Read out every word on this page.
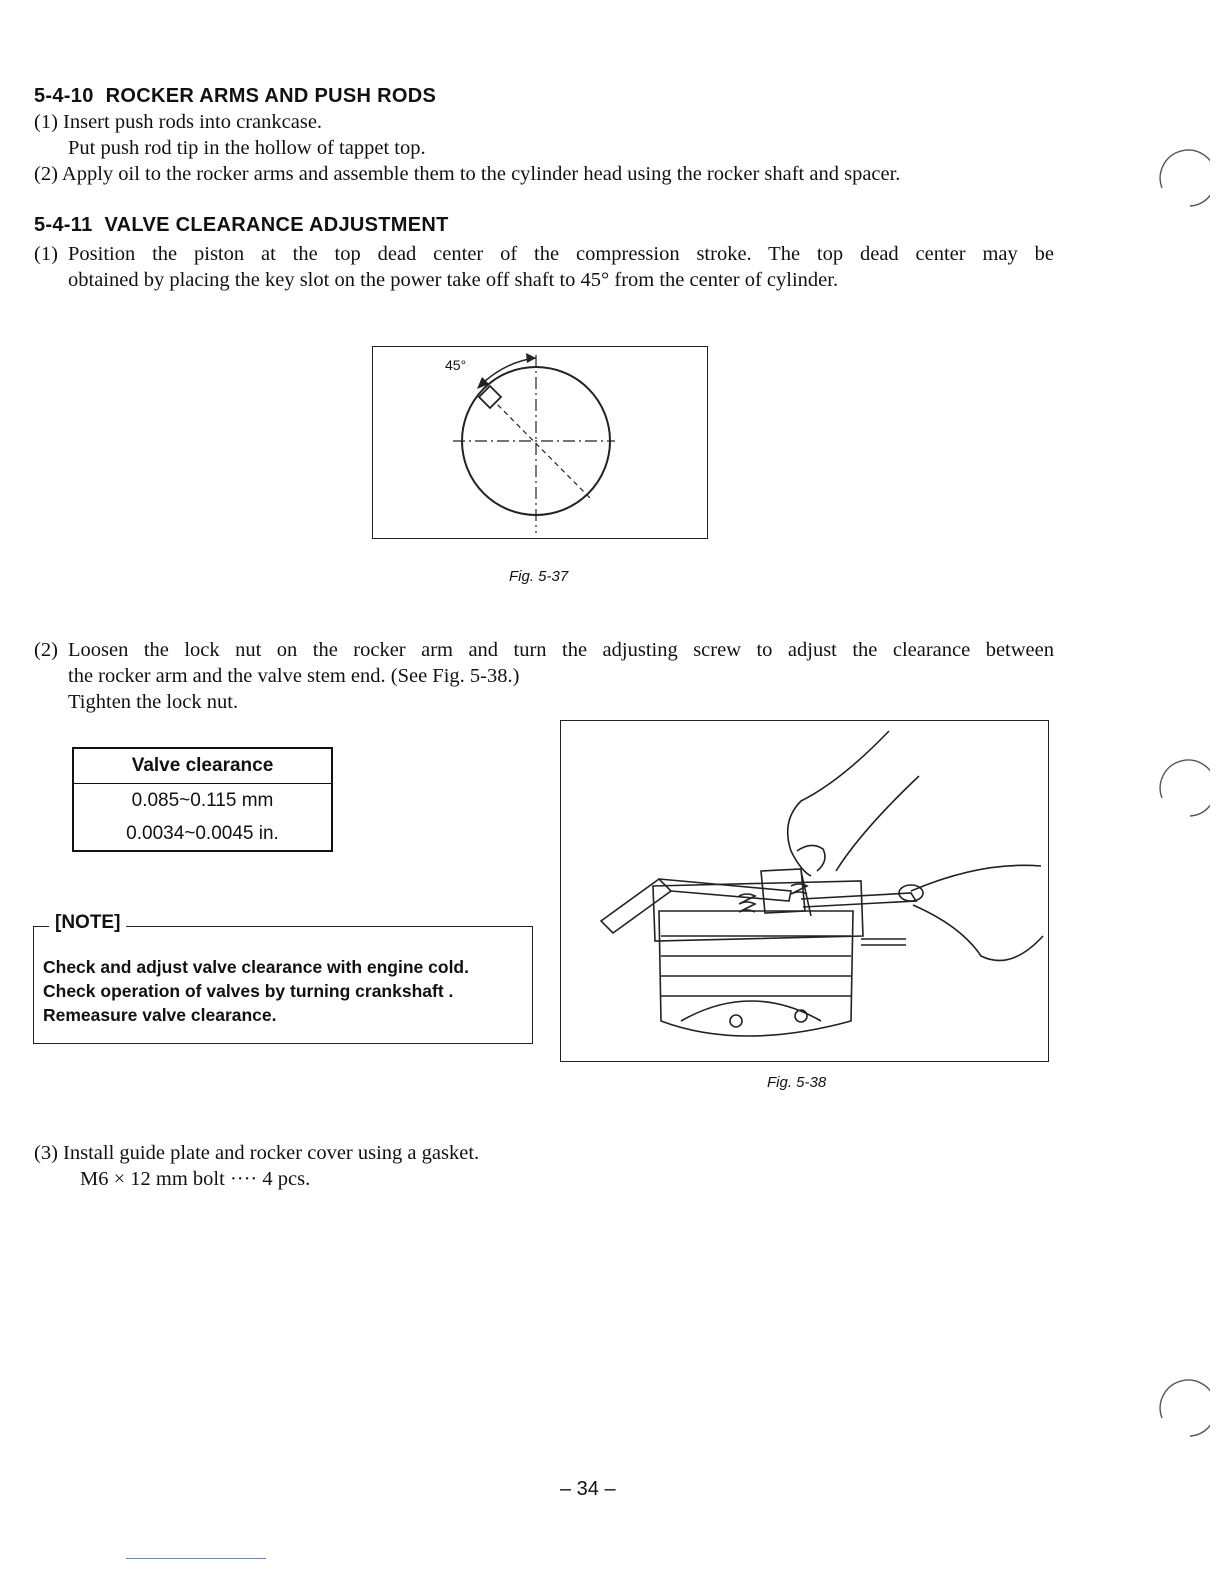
5-4-10 ROCKER ARMS AND PUSH RODS
(1) Insert push rods into crankcase.
Put push rod tip in the hollow of tappet top.
(2) Apply oil to the rocker arms and assemble them to the cylinder head using the rocker shaft and spacer.
5-4-11 VALVE CLEARANCE ADJUSTMENT
(1) Position the piston at the top dead center of the compression stroke. The top dead center may be
obtained by placing the key slot on the power take off shaft to 45° from the center of cylinder.
45°
Fig. 5-37
(2) Loosen the lock nut on the rocker arm and turn the adjusting screw to adjust the clearance between
the rocker arm and the valve stem end. (See Fig. 5-38.)
Tighten the lock nut.
Valve clearance
0.085~0.115 mm
0.0034~0.0045 in.
[NOTE]
Check and adjust valve clearance with engine cold.
Check operation of valves by turning crankshaft .
Remeasure valve clearance.
Fig. 5-38
(3) Install guide plate and rocker cover using a gasket.
M6 × 12 mm bolt ···· 4 pcs.
– 34 –
